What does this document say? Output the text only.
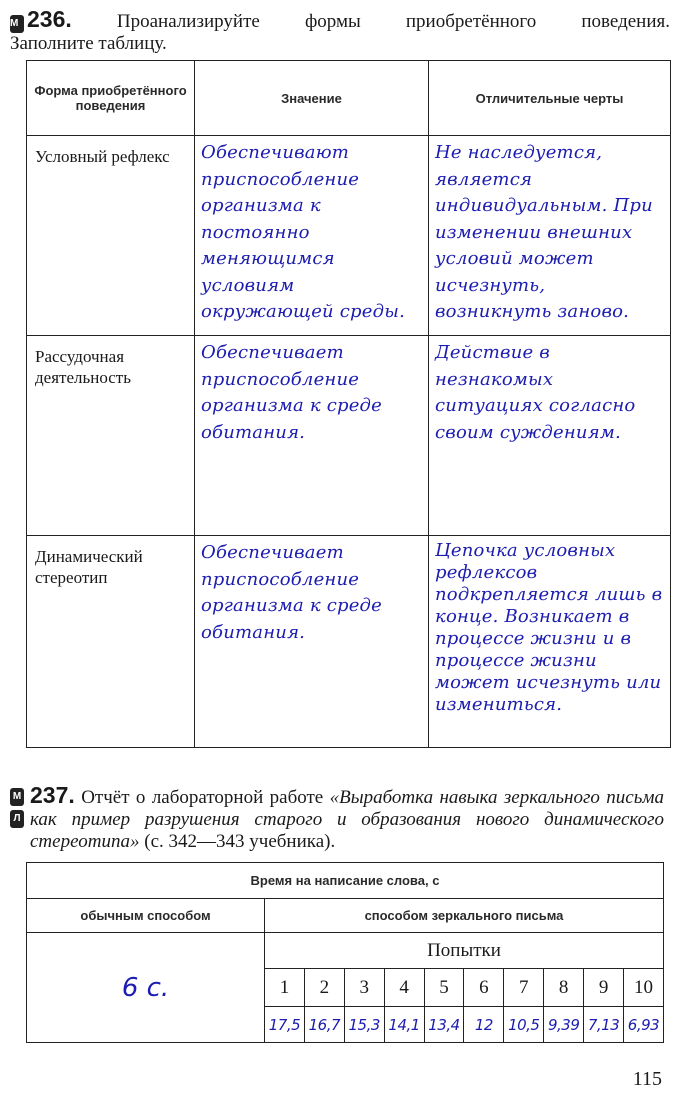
М 236. Проанализируйте формы приобретённого поведения.
Заполните таблицу.
Форма приобретённого поведения	Значение	Отличительные черты
Условный рефлекс	Обеспечивают приспособление организма к постоянно меняющимся условиям окружающей среды.	Не наследуется, является индивидуальным. При изменении внешних условий может исчезнуть, возникнуть заново.
Рассудочная деятельность	Обеспечивает приспособление организма к среде обитания.	Действие в незнакомых ситуациях согласно своим суждениям.
Динамический стереотип	Обеспечивает приспособление организма к среде обитания.	Цепочка условных рефлексов подкрепляется лишь в конце. Возникает в процессе жизни и в процессе жизни может исчезнуть или измениться.
М
Л
237. Отчёт о лабораторной работе «Выработка навыка зеркального письма как пример разрушения старого и образования нового динамического стереотипа» (с. 342—343 учебника).
Время на написание слова, с										
обычным способом	способом зеркального письма									
6 с.	Попытки									
	1	2	3	4	5	6	7	8	9	10
	17,5	16,7	15,3	14,1	13,4	12	10,5	9,39	7,13	6,93
115
